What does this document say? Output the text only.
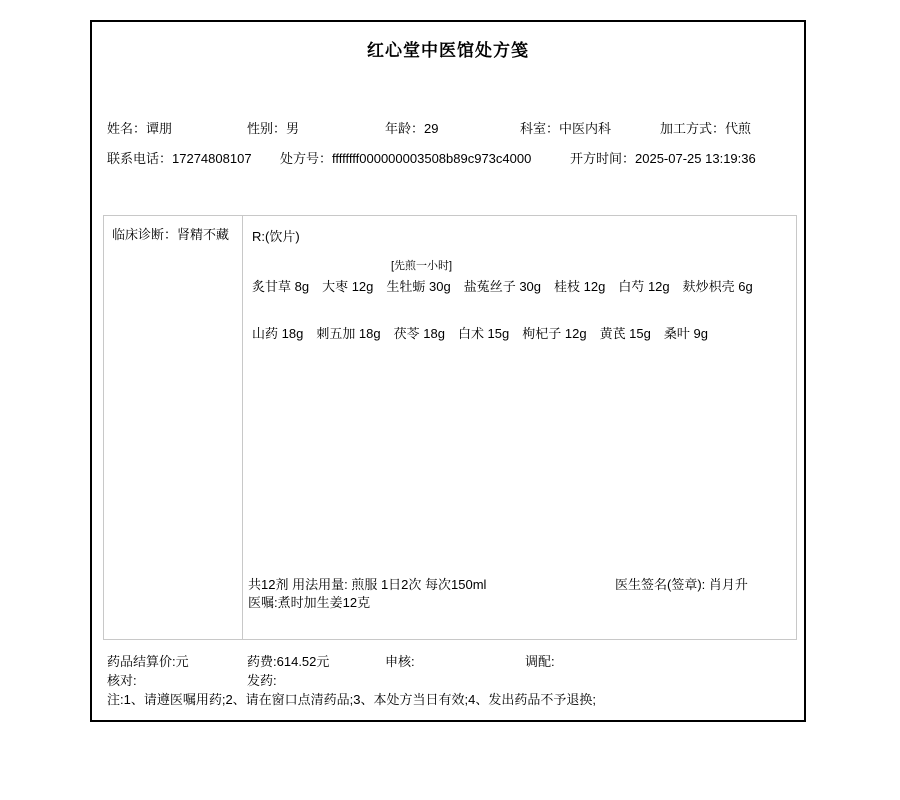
红心堂中医馆处方笺
姓名：谭朋	性别：男	年龄：29	科室：中医内科	加工方式：代煎
联系电话：17274808107 处方号：ffffffff000000003508b89c973c4000	开方时间：2025-07-25 13:19:36
临床诊断：肾精不藏 R:(饮片)
[先煎一小时]
炙甘草 8g 大枣 12g 生牡蛎 30g 盐菟丝子 30g 桂枝 12g 白芍 12g 麸炒枳壳 6g
山药 18g 刺五加 18g 茯苓 18g 白术 15g 枸杞子 12g 黄芪 15g 桑叶 9g
共12剂 用法用量: 煎服 1日2次 每次150ml	医生签名(签章): 肖月升
医嘱:煮时加生姜12克
药品结算价:元	药费:614.52元	申核:	调配:
核对:	发药:
注:1、请遵医嘱用药;2、请在窗口点清药品;3、本处方当日有效;4、发出药品不予退换;
